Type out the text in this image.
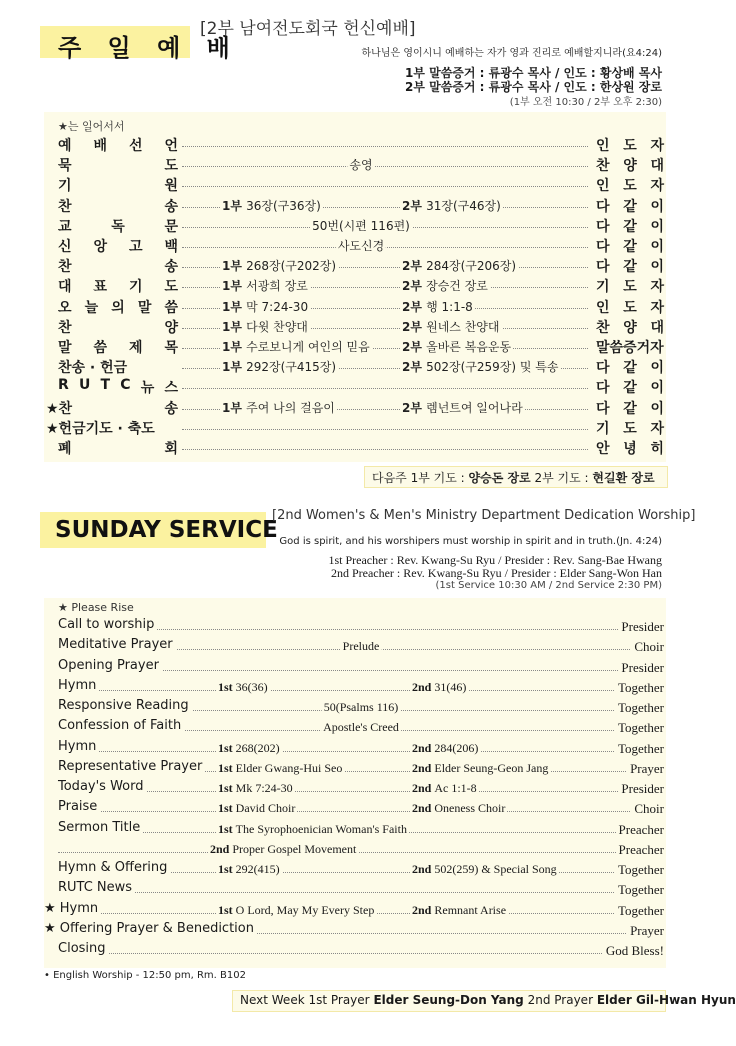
주 일 예 배
[2부 남여전도회국 헌신예배]
하나님은 영이시니 예배하는 자가 영과 진리로 예배할지니라(요4:24)
1부 말씀증거 : 류광수 목사 / 인도 : 황상배 목사
2부 말씀증거 : 류광수 목사 / 인도 : 한상원 장로
(1부 오전 10:30 / 2부 오후 2:30)
★는 일어서서
예 배 선 언	인 도 자
묵	도	송영	찬 양 대
기	원	인 도 자
찬	송	1부 36장(구36장)	2부 31장(구46장)	다 같 이
교	독	문	50번(시편 116편)	다 같 이
신 앙 고 백	사도신경	다 같 이
찬	송	1부 268장(구202장)	2부 284장(구206장)	다 같 이
대 표 기 도	1부 서광희 장로	2부 장승건 장로	기 도 자
오 늘 의 말 씀	1부 막 7:24-30	2부 행 1:1-8	인 도 자
찬	양	1부 다윗 찬양대	2부 원네스 찬양대	찬 양 대
말 씀 제 목	1부 수로보니게 여인의 믿음	2부 올바른 복음운동	말씀증거자
찬송 · 헌금	1부 292장(구415장)	2부 502장(구259장) 및 특송	다 같 이
R U T C 뉴 스	다 같 이
★찬	송	1부 주여 나의 걸음이	2부 렘넌트여 일어나라	다 같 이
★헌금기도 · 축도	기 도 자
폐	회	안 녕 히
다음주 1부 기도 : 양승돈 장로 2부 기도 : 현길환 장로
SUNDAY SERVICE
[2nd Women's & Men's Ministry Department Dedication Worship]
God is spirit, and his worshipers must worship in spirit and in truth.(Jn. 4:24)
1st Preacher : Rev. Kwang-Su Ryu / Presider : Rev. Sang-Bae Hwang
2nd Preacher : Rev. Kwang-Su Ryu / Presider : Elder Sang-Won Han
(1st Service 10:30 AM / 2nd Service 2:30 PM)
★ Please Rise
Call to worship	Presider
Meditative Prayer	Prelude	Choir
Opening Prayer	Presider
Hymn	1st 36(36)	2nd 31(46)	Together
Responsive Reading	50(Psalms 116)	Together
Confession of Faith	Apostle's Creed	Together
Hymn	1st 268(202)	2nd 284(206)	Together
Representative Prayer 1st Elder Gwang-Hui Seo	2nd Elder Seung-Geon Jang	Prayer
Today's Word	1st Mk 7:24-30	2nd Ac 1:1-8	Presider
Praise	1st David Choir	2nd Oneness Choir	Choir
Sermon Title	1st The Syrophoenician Woman's Faith	Preacher
2nd Proper Gospel Movement	Preacher
Hymn & Offering	1st 292(415)	2nd 502(259) & Special Song	Together
RUTC News	Together
★ Hymn	1st O Lord, May My Every Step	2nd Remnant Arise	Together
★ Offering Prayer & Benediction	Prayer
Closing	God Bless!
• English Worship - 12:50 pm, Rm. B102
Next Week 1st Prayer Elder Seung-Don Yang 2nd Prayer Elder Gil-Hwan Hyun
